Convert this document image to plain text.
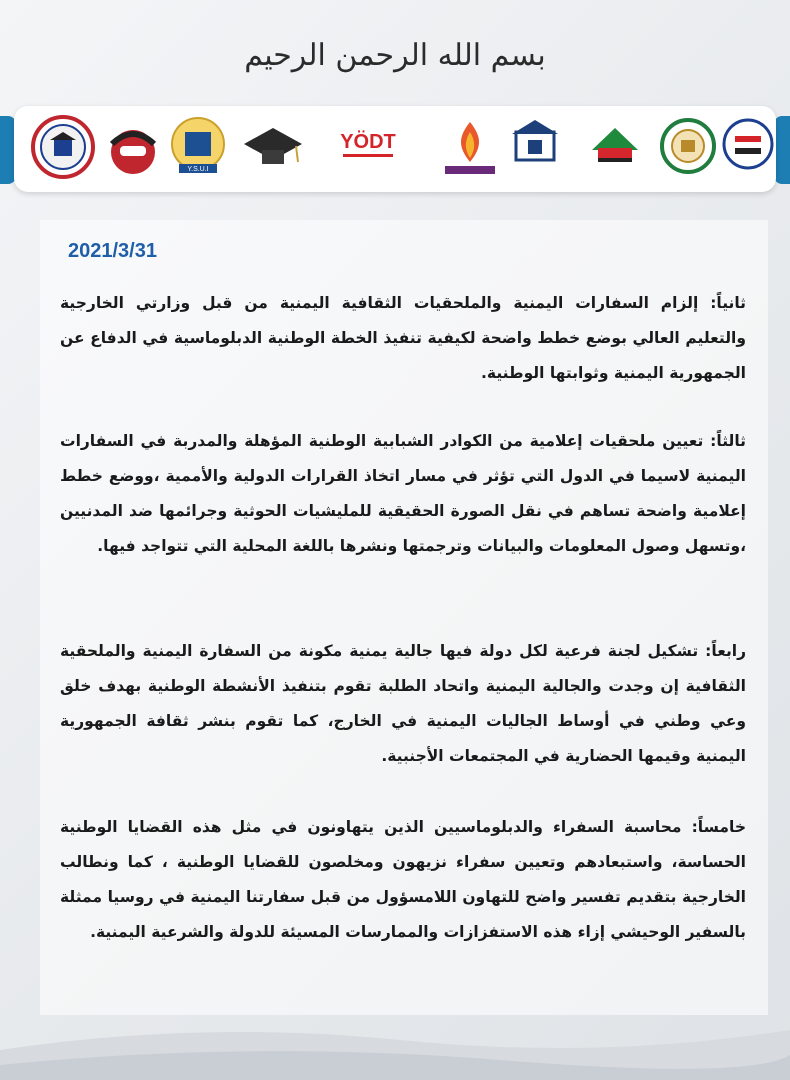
بسم الله الرحمن الرحيم
Y.S.U.I
YÖDT
2021/3/31
ثانياً: إلزام السفارات اليمنية والملحقيات الثقافية اليمنية من قبل وزارتي الخارجية والتعليم العالي بوضع خطط واضحة لكيفية تنفيذ الخطة الوطنية الدبلوماسية في الدفاع عن الجمهورية اليمنية وثوابتها الوطنية.
ثالثاً: تعيين ملحقيات إعلامية من الكوادر الشبابية الوطنية المؤهلة والمدربة في السفارات اليمنية لاسيما في الدول التي تؤثر في مسار اتخاذ القرارات الدولية والأممية ،ووضع خطط إعلامية واضحة تساهم في نقل الصورة الحقيقية للمليشيات الحوثية وجرائمها ضد المدنيين ،وتسهل وصول المعلومات والبيانات وترجمتها ونشرها باللغة المحلية التي تتواجد فيها.
رابعاً: تشكيل لجنة فرعية لكل دولة فيها جالية يمنية مكونة من السفارة اليمنية والملحقية الثقافية إن وجدت والجالية اليمنية واتحاد الطلبة تقوم بتنفيذ الأنشطة الوطنية بهدف خلق وعي وطني في أوساط الجاليات اليمنية في الخارج، كما تقوم بنشر ثقافة الجمهورية اليمنية وقيمها الحضارية في المجتمعات الأجنبية.
خامساً: محاسبة السفراء والدبلوماسيين الذين يتهاونون في مثل هذه القضايا الوطنية الحساسة، واستبعادهم وتعيين سفراء نزيهون ومخلصون للقضايا الوطنية ، كما ونطالب الخارجية بتقديم تفسير واضح للتهاون اللامسؤول من قبل سفارتنا اليمنية في روسيا ممثلة بالسفير الوحيشي إزاء هذه الاستفزازات والممارسات المسيئة للدولة والشرعية اليمنية.
